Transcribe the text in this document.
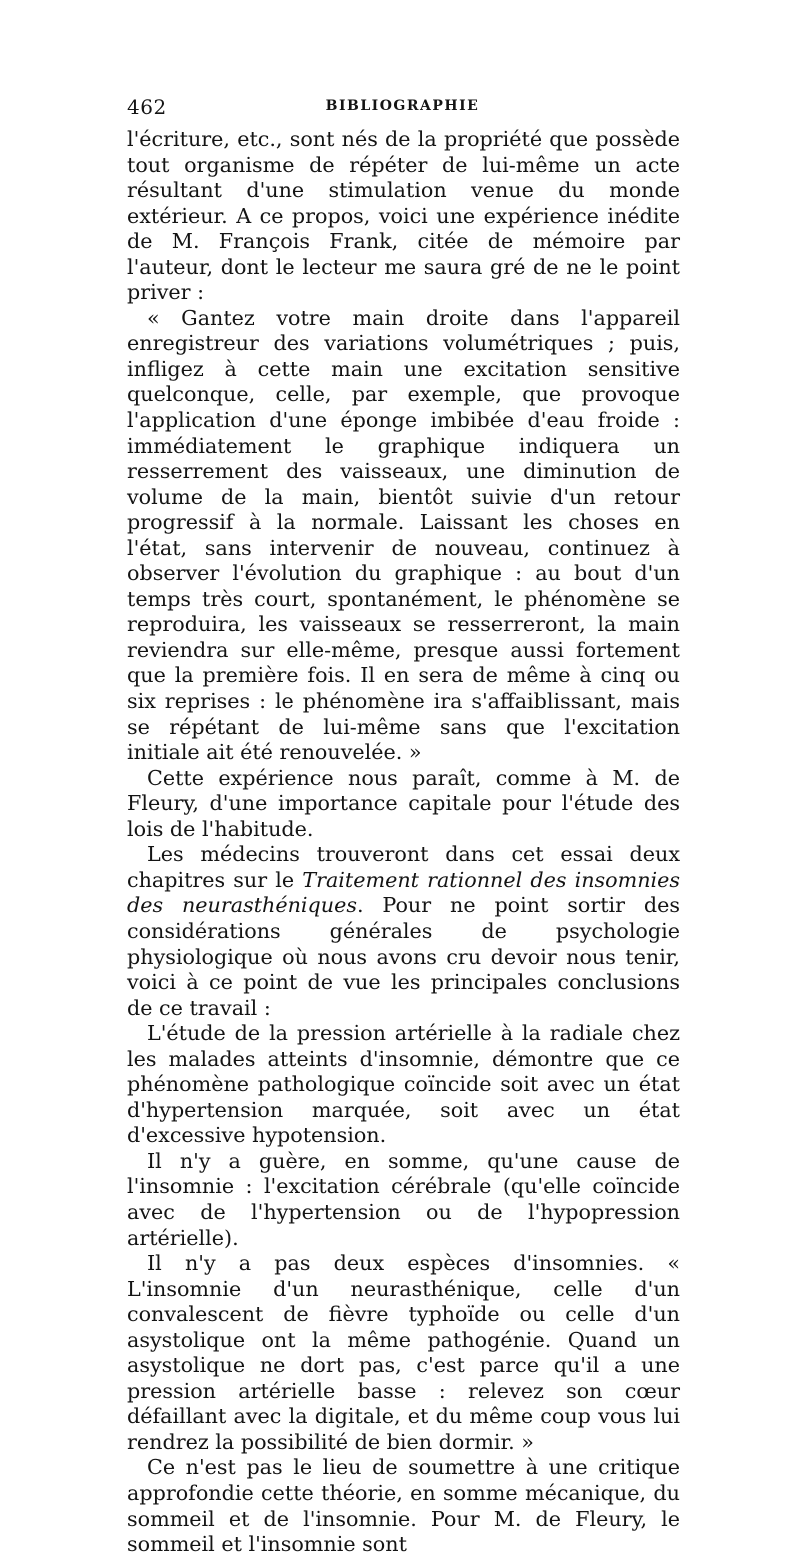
462	BIBLIOGRAPHIE

l'écriture, etc., sont nés de la propriété que possède tout organisme de répéter de lui-même un acte résultant d'une stimulation venue du monde extérieur. A ce propos, voici une expérience inédite de M. François Frank, citée de mémoire par l'auteur, dont le lecteur me saura gré de ne le point priver :

« Gantez votre main droite dans l'appareil enregistreur des variations volumétriques ; puis, infligez à cette main une excitation sensitive quelconque, celle, par exemple, que provoque l'application d'une éponge imbibée d'eau froide : immédiatement le graphique indiquera un resserrement des vaisseaux, une diminution de volume de la main, bientôt suivie d'un retour progressif à la normale. Laissant les choses en l'état, sans intervenir de nouveau, continuez à observer l'évolution du graphique : au bout d'un temps très court, spontanément, le phénomène se reproduira, les vaisseaux se resserreront, la main reviendra sur elle-même, presque aussi fortement que la première fois. Il en sera de même à cinq ou six reprises : le phénomène ira s'affaiblissant, mais se répétant de lui-même sans que l'excitation initiale ait été renouvelée. »

Cette expérience nous paraît, comme à M. de Fleury, d'une importance capitale pour l'étude des lois de l'habitude.

Les médecins trouveront dans cet essai deux chapitres sur le Traitement rationnel des insomnies des neurasthéniques. Pour ne point sortir des considérations générales de psychologie physiologique où nous avons cru devoir nous tenir, voici à ce point de vue les principales conclusions de ce travail :

L'étude de la pression artérielle à la radiale chez les malades atteints d'insomnie, démontre que ce phénomène pathologique coïncide soit avec un état d'hypertension marquée, soit avec un état d'excessive hypotension.

Il n'y a guère, en somme, qu'une cause de l'insomnie : l'excitation cérébrale (qu'elle coïncide avec de l'hypertension ou de l'hypopression artérielle).

Il n'y a pas deux espèces d'insomnies. « L'insomnie d'un neurasthénique, celle d'un convalescent de fièvre typhoïde ou celle d'un asystolique ont la même pathogénie. Quand un asystolique ne dort pas, c'est parce qu'il a une pression artérielle basse : relevez son cœur défaillant avec la digitale, et du même coup vous lui rendrez la possibilité de bien dormir. »

Ce n'est pas le lieu de soumettre à une critique approfondie cette théorie, en somme mécanique, du sommeil et de l'insomnie. Pour M. de Fleury, le sommeil et l'insomnie sont
